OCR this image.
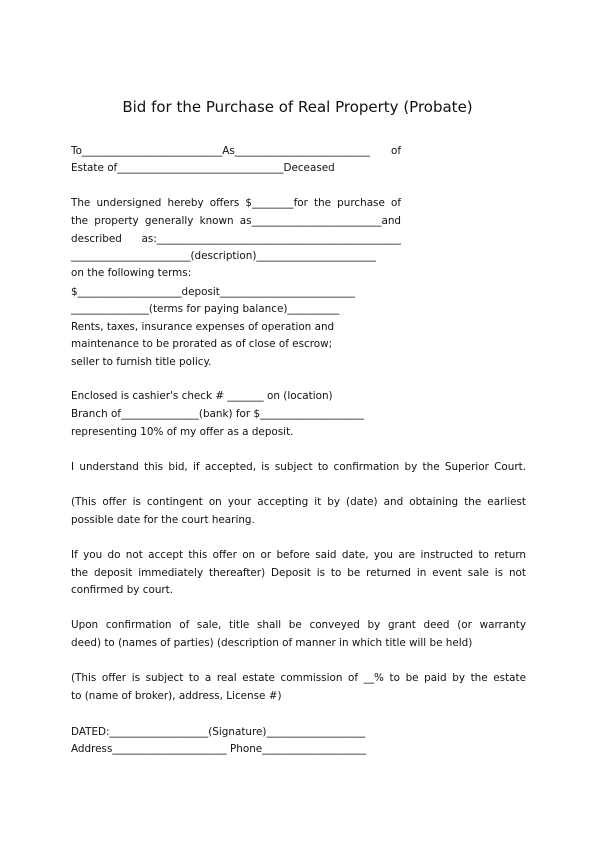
Bid for the Purchase of Real Property (Probate)
To___________________________As__________________________ of
Estate of________________________________Deceased
The undersigned hereby offers $________for the purchase of
the property generally known as_________________________and
described as:_______________________________________________
_______________________(description)_______________________
on the following terms:
$____________________deposit__________________________
_______________(terms for paying balance)__________
Rents, taxes, insurance expenses of operation and
maintenance to be prorated as of close of escrow;
seller to furnish title policy.
Enclosed is cashier's check # _______ on (location)
Branch of_______________(bank) for $____________________
representing 10% of my offer as a deposit.
I understand this bid, if accepted, is subject to confirmation by the Superior Court.
(This offer is contingent on your accepting it by (date) and obtaining the earliest
possible date for the court hearing.
If you do not accept this offer on or before said date, you are instructed to return
the deposit immediately thereafter) Deposit is to be returned in event sale is not
confirmed by court.
Upon confirmation of sale, title shall be conveyed by grant deed (or warranty
deed) to (names of parties) (description of manner in which title will be held)
(This offer is subject to a real estate commission of __% to be paid by the estate
to (name of broker), address, License #)
DATED:___________________(Signature)___________________
Address______________________ Phone____________________
